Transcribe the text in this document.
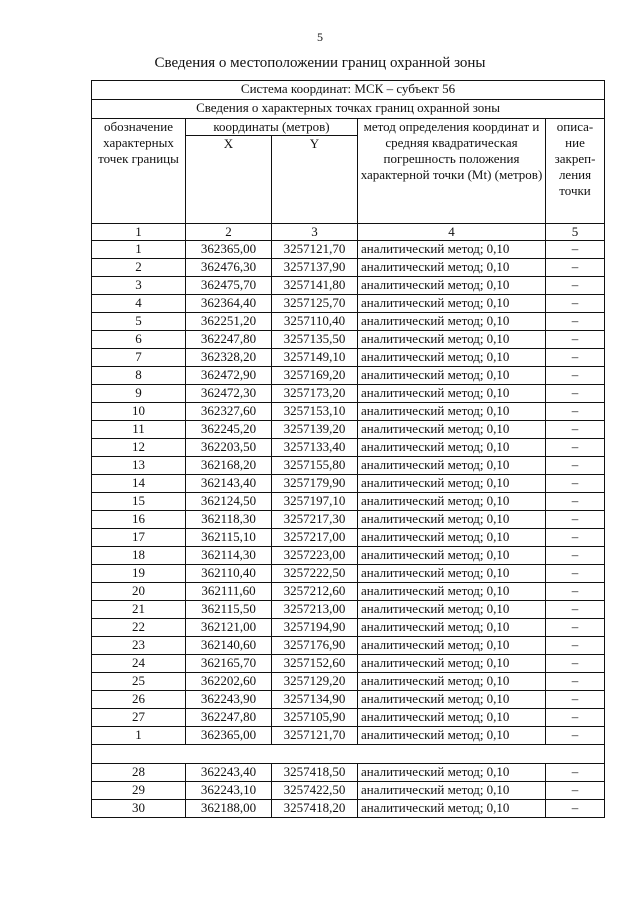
5
Сведения о местоположении границ охранной зоны
Система координат: МСК – субъект 56				
Сведения о характерных точках границ охранной зоны				
обозначение характерных точек границы	координаты (метров)		метод определения координат и средняя квадратическая погрешность положения характерной точки (Mt) (метров)	описа-ние закреп-ления точки
	X	Y		
1	2	3	4	5
1	362365,00	3257121,70	аналитический метод; 0,10	–
2	362476,30	3257137,90	аналитический метод; 0,10	–
3	362475,70	3257141,80	аналитический метод; 0,10	–
4	362364,40	3257125,70	аналитический метод; 0,10	–
5	362251,20	3257110,40	аналитический метод; 0,10	–
6	362247,80	3257135,50	аналитический метод; 0,10	–
7	362328,20	3257149,10	аналитический метод; 0,10	–
8	362472,90	3257169,20	аналитический метод; 0,10	–
9	362472,30	3257173,20	аналитический метод; 0,10	–
10	362327,60	3257153,10	аналитический метод; 0,10	–
11	362245,20	3257139,20	аналитический метод; 0,10	–
12	362203,50	3257133,40	аналитический метод; 0,10	–
13	362168,20	3257155,80	аналитический метод; 0,10	–
14	362143,40	3257179,90	аналитический метод; 0,10	–
15	362124,50	3257197,10	аналитический метод; 0,10	–
16	362118,30	3257217,30	аналитический метод; 0,10	–
17	362115,10	3257217,00	аналитический метод; 0,10	–
18	362114,30	3257223,00	аналитический метод; 0,10	–
19	362110,40	3257222,50	аналитический метод; 0,10	–
20	362111,60	3257212,60	аналитический метод; 0,10	–
21	362115,50	3257213,00	аналитический метод; 0,10	–
22	362121,00	3257194,90	аналитический метод; 0,10	–
23	362140,60	3257176,90	аналитический метод; 0,10	–
24	362165,70	3257152,60	аналитический метод; 0,10	–
25	362202,60	3257129,20	аналитический метод; 0,10	–
26	362243,90	3257134,90	аналитический метод; 0,10	–
27	362247,80	3257105,90	аналитический метод; 0,10	–
1	362365,00	3257121,70	аналитический метод; 0,10	–

28	362243,40	3257418,50	аналитический метод; 0,10	–
29	362243,10	3257422,50	аналитический метод; 0,10	–
30	362188,00	3257418,20	аналитический метод; 0,10	–
